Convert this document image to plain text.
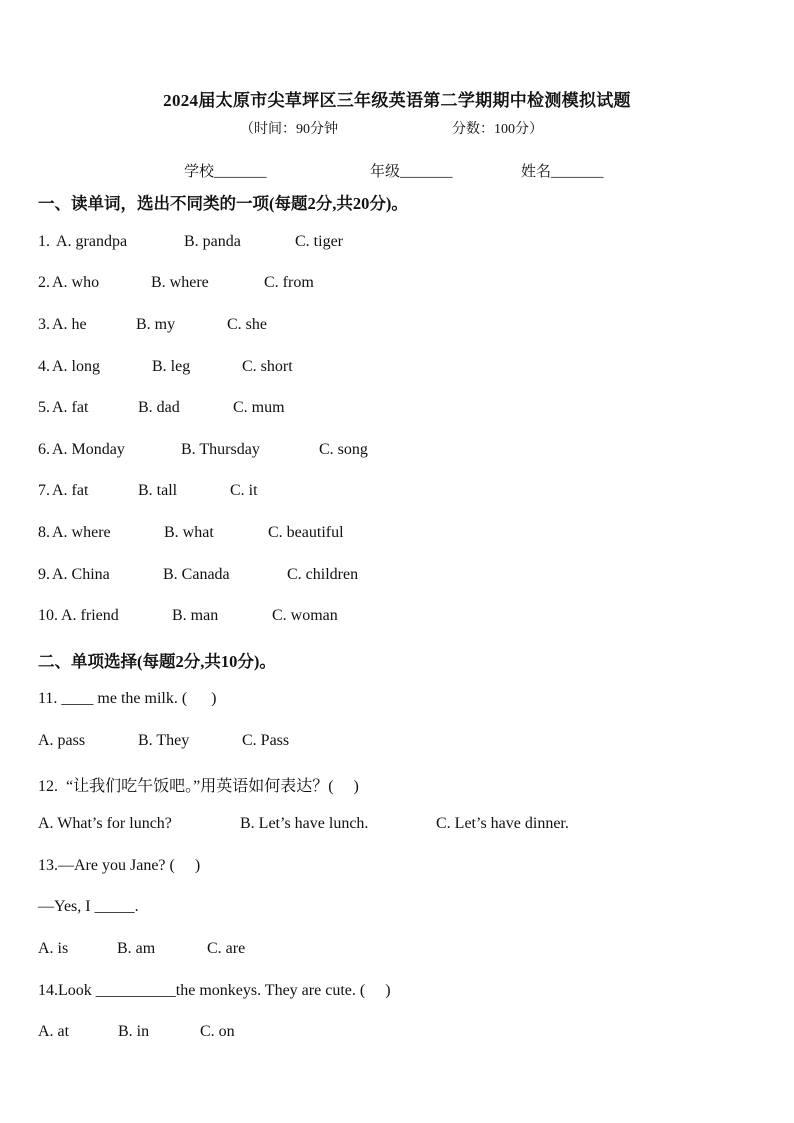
2024届太原市尖草坪区三年级英语第二学期期中检测模拟试题
（时间：90分钟	分数：100分）
学校_______	年级_______	姓名_______
一、读单词，选出不同类的一项(每题2分,共20分)。

1.

A. grandpa

	B. panda

	C. tiger

2.

A. who

	B. where

	C. from

3.

A. he

	B. my

	C. she

4.

A. long

	B. leg

	C. short

5.

A. fat

	B. dad

	C. mum

6.

A. Monday

	B. Thursday

	C. song

7.

A. fat

	B. tall

	C. it

8.

A. where

	B. what

	C. beautiful

9.

A. China

	B. Canada

	C. children

10.

A. friend

	B. man

	C. woman

二、单项选择(每题2分,共10分)。
11. ____ me the milk. (      )

A. pass

	B. They

	C. Pass

12.  “让我们吃午饭吧。”用英语如何表达？(     )

A. What’s for lunch?

	B. Let’s have lunch.

	C. Let’s have dinner.

13.—Are you Jane? (     )
—Yes, I _____.

A. is

	B. am

	C. are

14.Look __________the monkeys. They are cute. (     )

A. at

	B. in

	C. on
